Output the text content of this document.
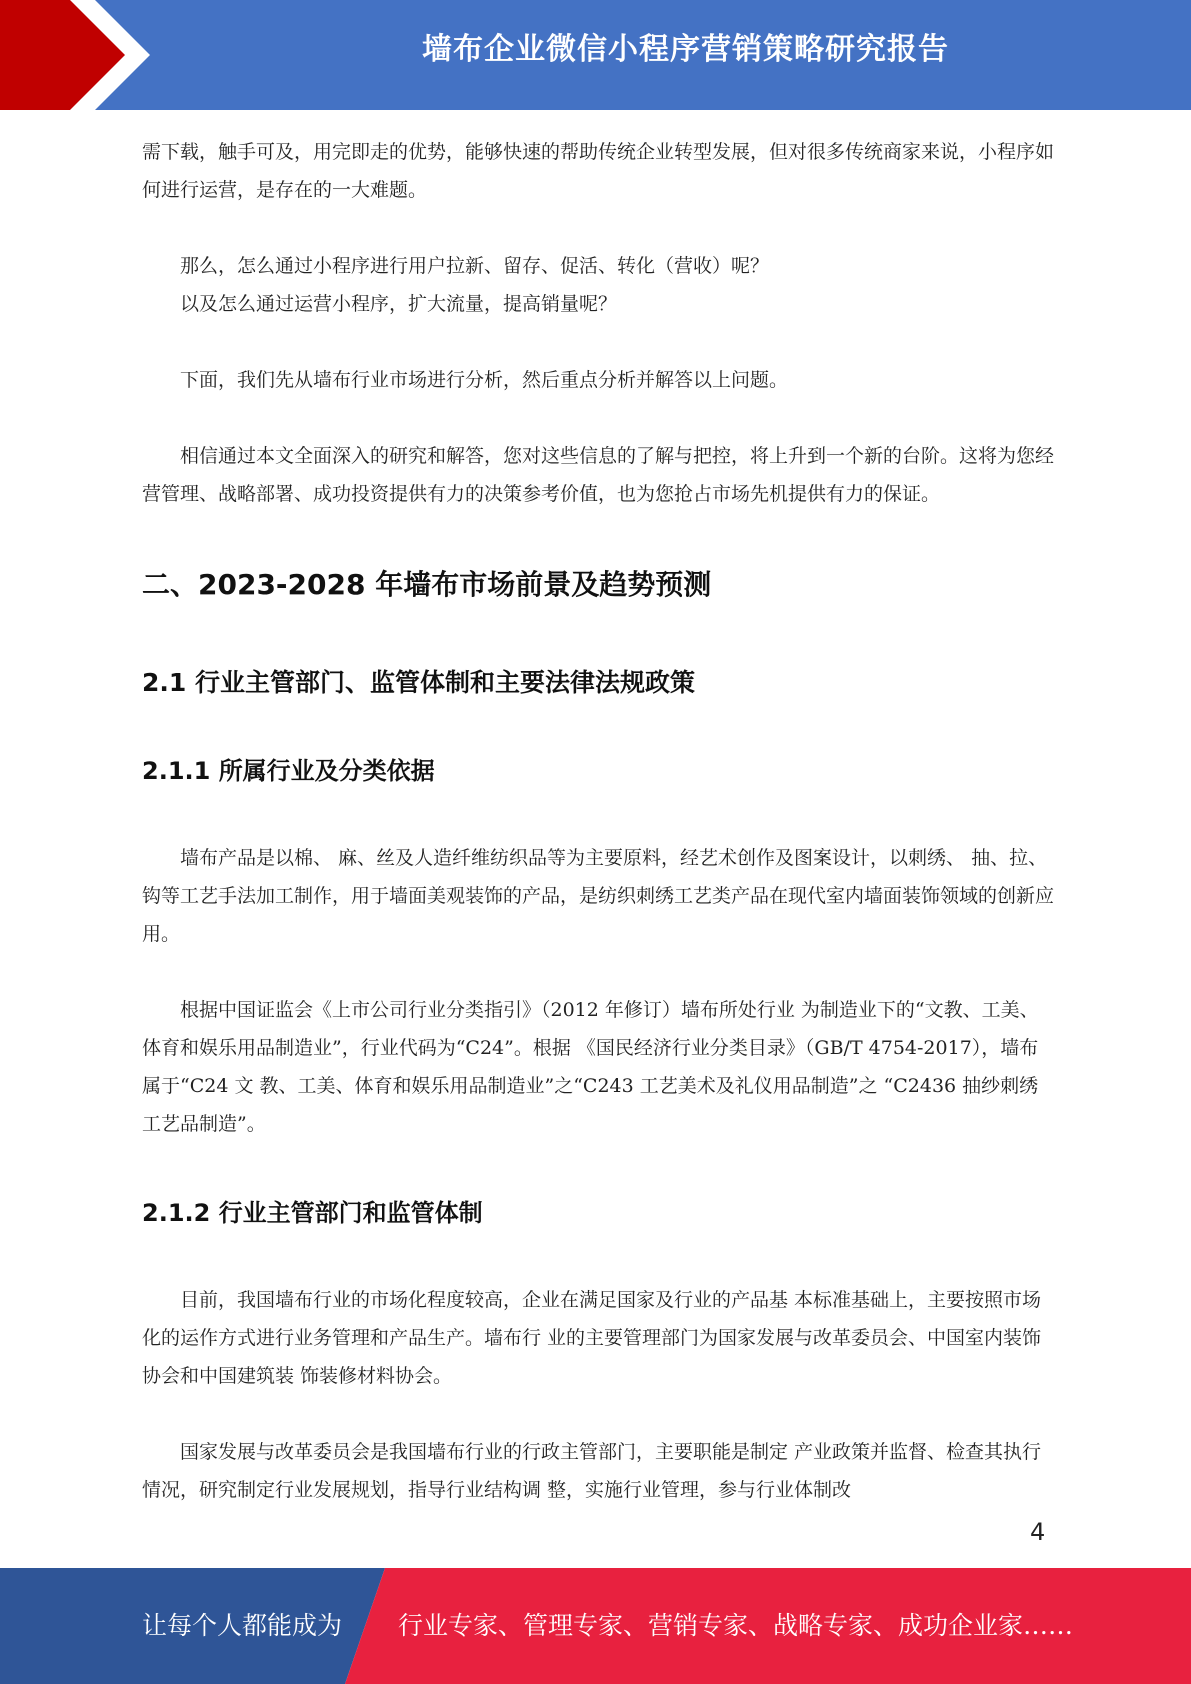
墙布企业微信小程序营销策略研究报告

需下载，触手可及，用完即走的优势，能够快速的帮助传统企业转型发展，但对很多传统商家来说，小程序如何进行运营，是存在的一大难题。

那么，怎么通过小程序进行用户拉新、留存、促活、转化（营收）呢？

以及怎么通过运营小程序，扩大流量，提高销量呢？

下面，我们先从墙布行业市场进行分析，然后重点分析并解答以上问题。

相信通过本文全面深入的研究和解答，您对这些信息的了解与把控，将上升到一个新的台阶。这将为您经营管理、战略部署、成功投资提供有力的决策参考价值，也为您抢占市场先机提供有力的保证。

二、2023-2028 年墙布市场前景及趋势预测
2.1 行业主管部门、监管体制和主要法律法规政策
2.1.1 所属行业及分类依据

墙布产品是以棉、 麻、丝及人造纤维纺织品等为主要原料，经艺术创作及图案设计，以刺绣、 抽、拉、钩等工艺手法加工制作，用于墙面美观装饰的产品，是纺织刺绣工艺类产品在现代室内墙面装饰领域的创新应用。

根据中国证监会《上市公司行业分类指引》（2012 年修订）墙布所处行业 为制造业下的“文教、工美、体育和娱乐用品制造业”，行业代码为“C24”。根据 《国民经济行业分类目录》（GB/T 4754-2017），墙布属于“C24 文 教、工美、体育和娱乐用品制造业”之“C243 工艺美术及礼仪用品制造”之 “C2436 抽纱刺绣工艺品制造”。

2.1.2 行业主管部门和监管体制

目前，我国墙布行业的市场化程度较高，企业在满足国家及行业的产品基 本标准基础上，主要按照市场化的运作方式进行业务管理和产品生产。墙布行 业的主要管理部门为国家发展与改革委员会、中国室内装饰协会和中国建筑装 饰装修材料协会。

国家发展与改革委员会是我国墙布行业的行政主管部门，主要职能是制定 产业政策并监督、检查其执行情况，研究制定行业发展规划，指导行业结构调 整，实施行业管理，参与行业体制改

4
让每个人都能成为 行业专家、管理专家、营销专家、战略专家、成功企业家……
